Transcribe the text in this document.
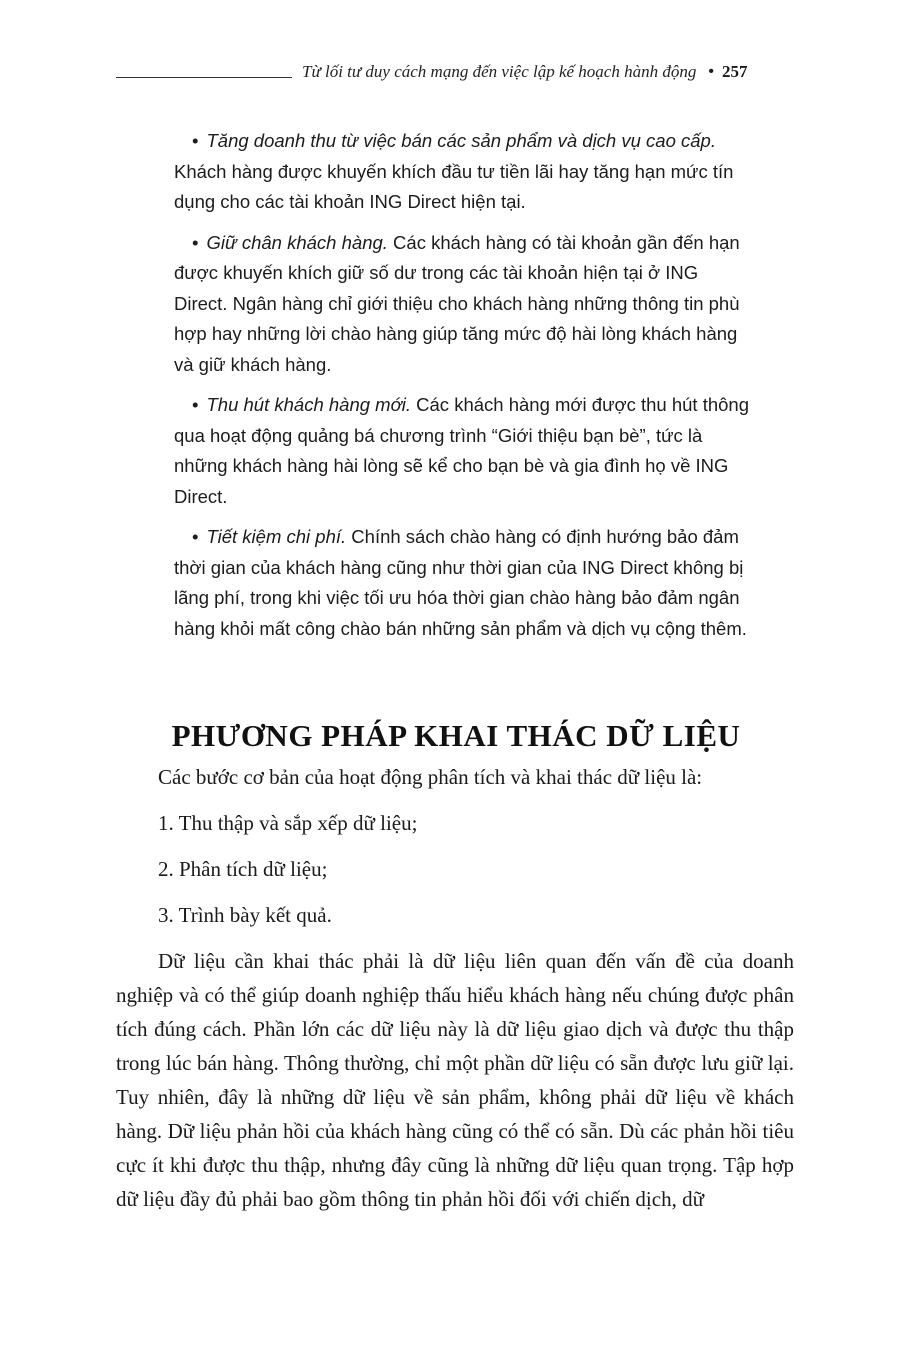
Từ lối tư duy cách mạng đến việc lập kế hoạch hành động • 257

• Tăng doanh thu từ việc bán các sản phẩm và dịch vụ cao cấp. Khách hàng được khuyến khích đầu tư tiền lãi hay tăng hạn mức tín dụng cho các tài khoản ING Direct hiện tại.

• Giữ chân khách hàng. Các khách hàng có tài khoản gần đến hạn được khuyến khích giữ số dư trong các tài khoản hiện tại ở ING Direct. Ngân hàng chỉ giới thiệu cho khách hàng những thông tin phù hợp hay những lời chào hàng giúp tăng mức độ hài lòng khách hàng và giữ khách hàng.

• Thu hút khách hàng mới. Các khách hàng mới được thu hút thông qua hoạt động quảng bá chương trình “Giới thiệu bạn bè”, tức là những khách hàng hài lòng sẽ kể cho bạn bè và gia đình họ về ING Direct.

• Tiết kiệm chi phí. Chính sách chào hàng có định hướng bảo đảm thời gian của khách hàng cũng như thời gian của ING Direct không bị lãng phí, trong khi việc tối ưu hóa thời gian chào hàng bảo đảm ngân hàng khỏi mất công chào bán những sản phẩm và dịch vụ cộng thêm.

PHƯƠNG PHÁP KHAI THÁC DỮ LIỆU

Các bước cơ bản của hoạt động phân tích và khai thác dữ liệu là:

1. Thu thập và sắp xếp dữ liệu;

2. Phân tích dữ liệu;

3. Trình bày kết quả.

Dữ liệu cần khai thác phải là dữ liệu liên quan đến vấn đề của doanh nghiệp và có thể giúp doanh nghiệp thấu hiểu khách hàng nếu chúng được phân tích đúng cách. Phần lớn các dữ liệu này là dữ liệu giao dịch và được thu thập trong lúc bán hàng. Thông thường, chỉ một phần dữ liệu có sẵn được lưu giữ lại. Tuy nhiên, đây là những dữ liệu về sản phẩm, không phải dữ liệu về khách hàng. Dữ liệu phản hồi của khách hàng cũng có thể có sẵn. Dù các phản hồi tiêu cực ít khi được thu thập, nhưng đây cũng là những dữ liệu quan trọng. Tập hợp dữ liệu đầy đủ phải bao gồm thông tin phản hồi đối với chiến dịch, dữ
